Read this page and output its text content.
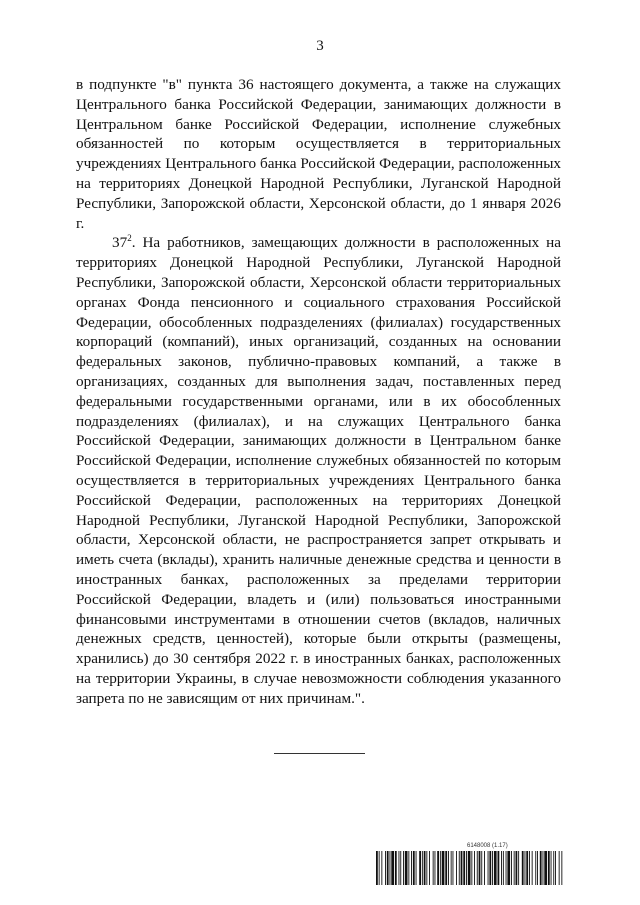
3

в подпункте "в" пункта 36 настоящего документа, а также на служащих Центрального банка Российской Федерации, занимающих должности в Центральном банке Российской Федерации, исполнение служебных обязанностей по которым осуществляется в территориальных учреждениях Центрального банка Российской Федерации, расположенных на территориях Донецкой Народной Республики, Луганской Народной Республики, Запорожской области, Херсонской области, до 1 января 2026 г.

$37^2$. На работников, замещающих должности в расположенных на территориях Донецкой Народной Республики, Луганской Народной Республики, Запорожской области, Херсонской области территориальных органах Фонда пенсионного и социального страхования Российской Федерации, обособленных подразделениях (филиалах) государственных корпораций (компаний), иных организаций, созданных на основании федеральных законов, публично-правовых компаний, а также в организациях, созданных для выполнения задач, поставленных перед федеральными государственными органами, или в их обособленных подразделениях (филиалах), и на служащих Центрального банка Российской Федерации, занимающих должности в Центральном банке Российской Федерации, исполнение служебных обязанностей по которым осуществляется в территориальных учреждениях Центрального банка Российской Федерации, расположенных на территориях Донецкой Народной Республики, Луганской Народной Республики, Запорожской области, Херсонской области, не распространяется запрет открывать и иметь счета (вклады), хранить наличные денежные средства и ценности в иностранных банках, расположенных за пределами территории Российской Федерации, владеть и (или) пользоваться иностранными финансовыми инструментами в отношении счетов (вкладов, наличных денежных средств, ценностей), которые были открыты (размещены, хранились) до 30 сентября 2022 г. в иностранных банках, расположенных на территории Украины, в случае невозможности соблюдения указанного запрета по не зависящим от них причинам.".

6148008 (1.17)
